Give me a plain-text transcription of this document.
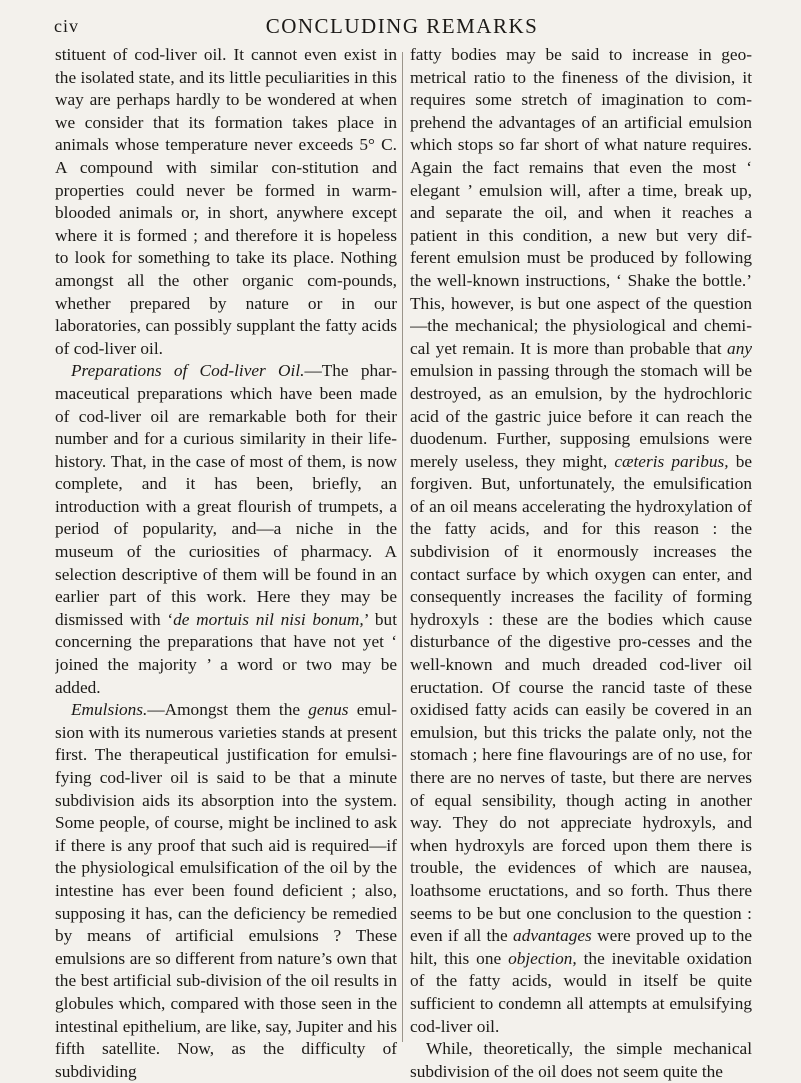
civ	CONCLUDING REMARKS

stituent of cod-liver oil. It cannot even exist in the isolated state, and its little peculiarities in this way are perhaps hardly to be wondered at when we consider that its formation takes place in animals whose temperature never exceeds 5° C. A compound with similar con-stitution and properties could never be formed in warm-blooded animals or, in short, anywhere except where it is formed ; and therefore it is hopeless to look for something to take its place. Nothing amongst all the other organic com-pounds, whether prepared by nature or in our laboratories, can possibly supplant the fatty acids of cod-liver oil.

Preparations of Cod-liver Oil.—The phar-maceutical preparations which have been made of cod-liver oil are remarkable both for their number and for a curious similarity in their life-history. That, in the case of most of them, is now complete, and it has been, briefly, an introduction with a great flourish of trumpets, a period of popularity, and—a niche in the museum of the curiosities of pharmacy. A selection descriptive of them will be found in an earlier part of this work. Here they may be dismissed with ‘de mortuis nil nisi bonum,’ but concerning the preparations that have not yet ‘ joined the majority ’ a word or two may be added.

Emulsions.—Amongst them the genus emul-sion with its numerous varieties stands at present first. The therapeutical justification for emulsi-fying cod-liver oil is said to be that a minute subdivision aids its absorption into the system. Some people, of course, might be inclined to ask if there is any proof that such aid is required—if the physiological emulsification of the oil by the intestine has ever been found deficient ; also, supposing it has, can the deficiency be remedied by means of artificial emulsions ? These emulsions are so different from nature’s own that the best artificial sub-division of the oil results in globules which, compared with those seen in the intestinal epithelium, are like, say, Jupiter and his fifth satellite. Now, as the difficulty of subdividing

fatty bodies may be said to increase in geo-metrical ratio to the fineness of the division, it requires some stretch of imagination to com-prehend the advantages of an artificial emulsion which stops so far short of what nature requires. Again the fact remains that even the most ‘ elegant ’ emulsion will, after a time, break up, and separate the oil, and when it reaches a patient in this condition, a new but very dif-ferent emulsion must be produced by following the well-known instructions, ‘ Shake the bottle.’ This, however, is but one aspect of the question —the mechanical; the physiological and chemi-cal yet remain. It is more than probable that any emulsion in passing through the stomach will be destroyed, as an emulsion, by the hydrochloric acid of the gastric juice before it can reach the duodenum. Further, supposing emulsions were merely useless, they might, cæteris paribus, be forgiven. But, unfortunately, the emulsification of an oil means accelerating the hydroxylation of the fatty acids, and for this reason : the subdivision of it enormously increases the contact surface by which oxygen can enter, and consequently increases the facility of forming hydroxyls : these are the bodies which cause disturbance of the digestive pro-cesses and the well-known and much dreaded cod-liver oil eructation. Of course the rancid taste of these oxidised fatty acids can easily be covered in an emulsion, but this tricks the palate only, not the stomach ; here fine flavourings are of no use, for there are no nerves of taste, but there are nerves of equal sensibility, though acting in another way. They do not appreciate hydroxyls, and when hydroxyls are forced upon them there is trouble, the evidences of which are nausea, loathsome eructations, and so forth. Thus there seems to be but one conclusion to the question : even if all the advantages were proved up to the hilt, this one objection, the inevitable oxidation of the fatty acids, would in itself be quite sufficient to condemn all attempts at emulsifying cod-liver oil.

While, theoretically, the simple mechanical subdivision of the oil does not seem quite the
